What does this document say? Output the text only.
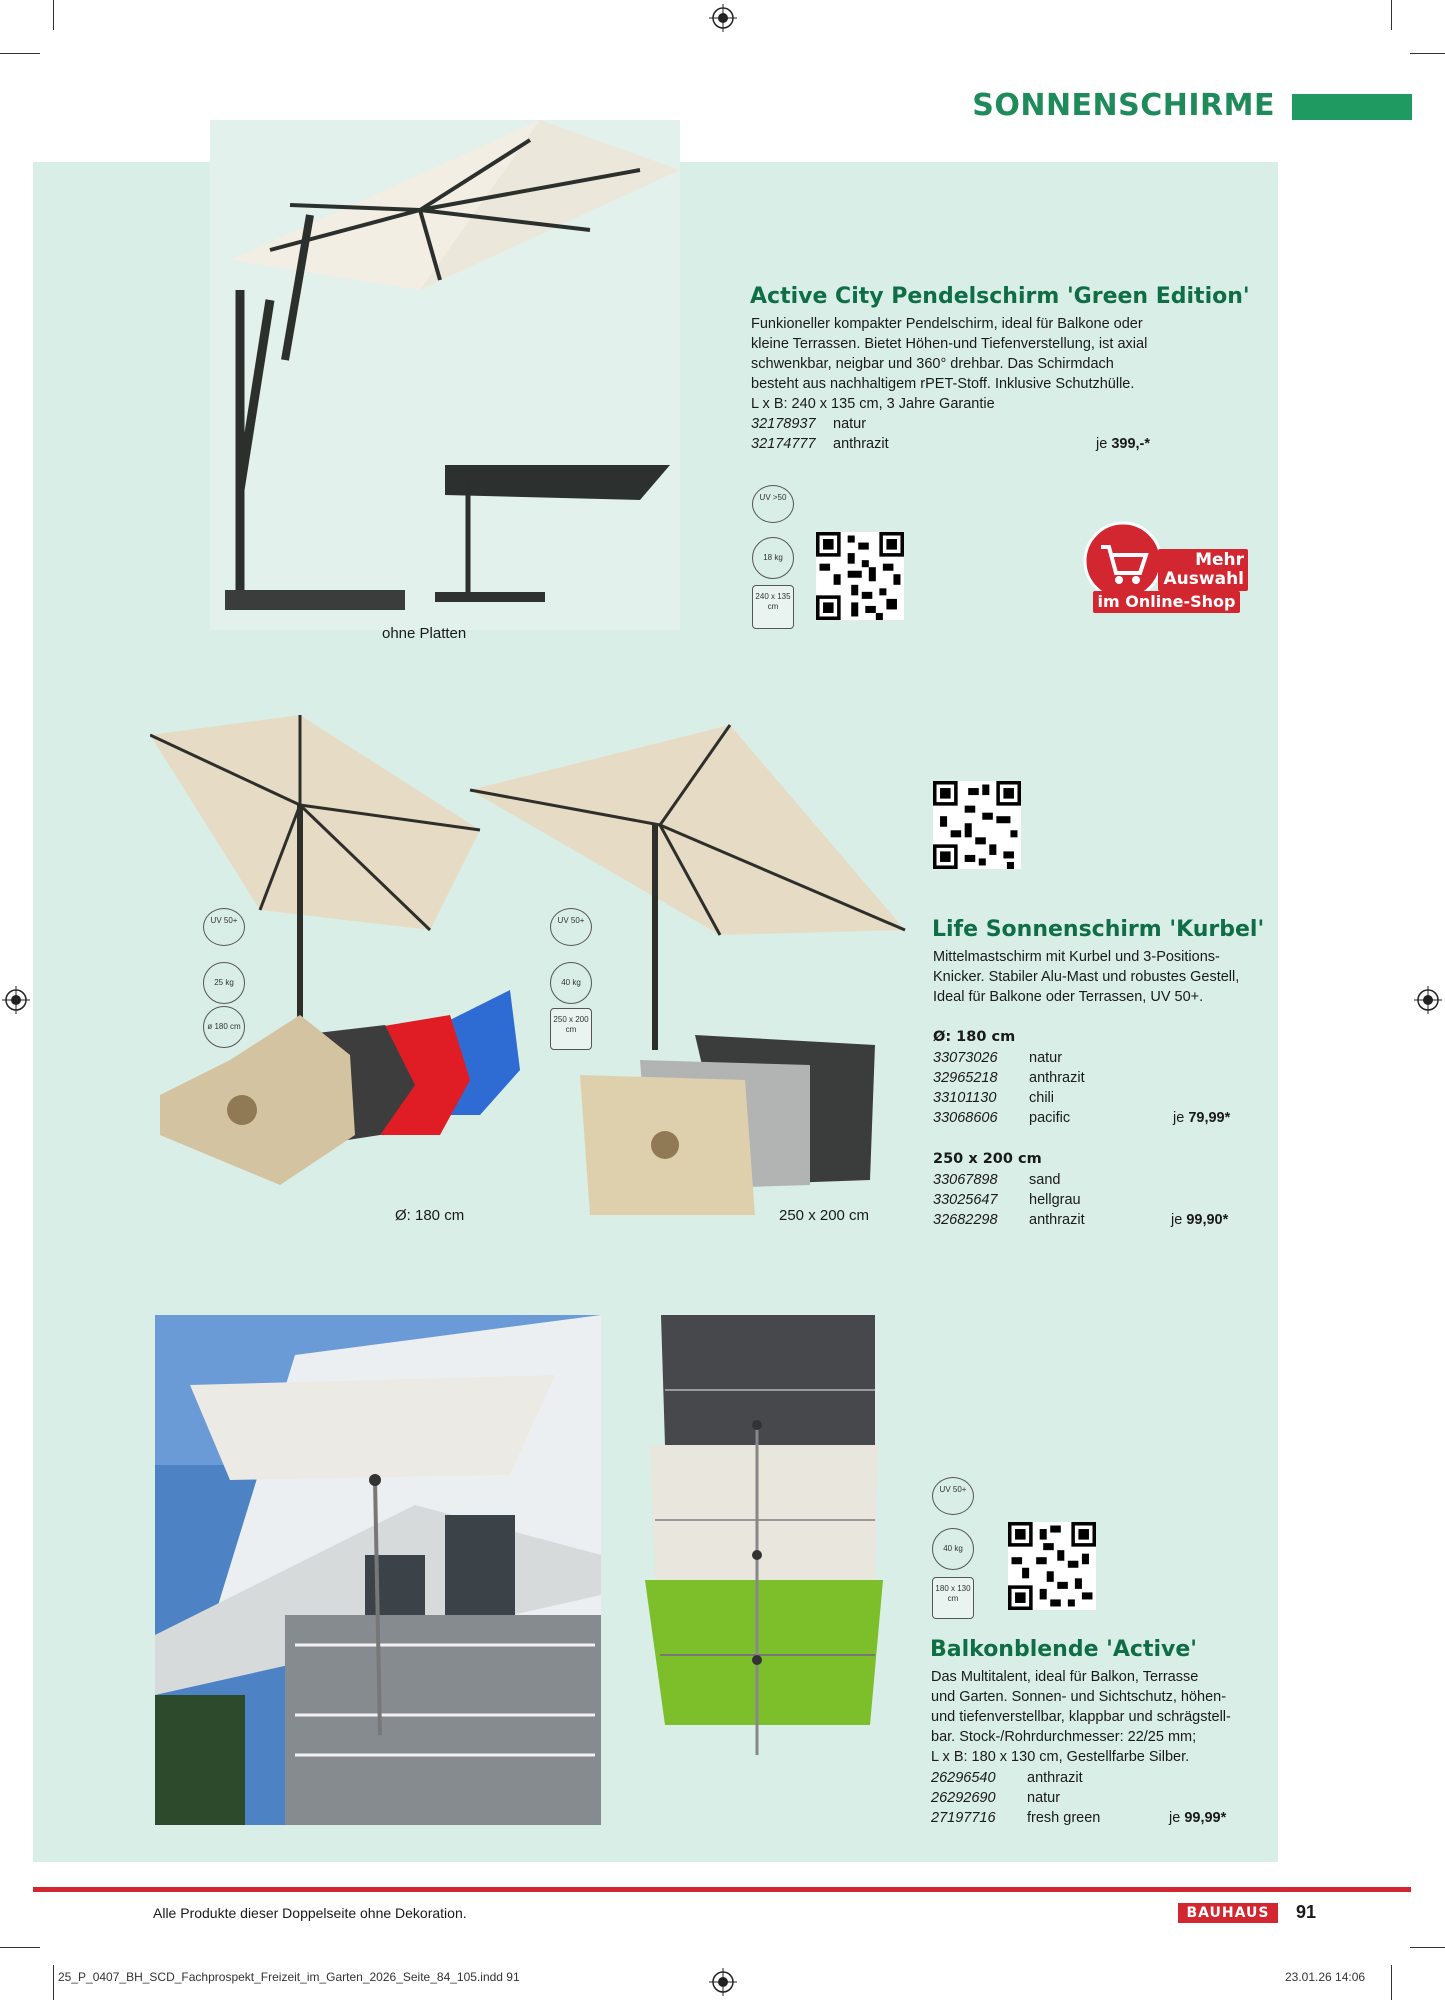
SONNENSCHIRME
ohne Platten
Active City Pendelschirm 'Green Edition'

Funkioneller kompakter Pendelschirm, ideal für Balkone oder

kleine Terrassen. Bietet Höhen-und Tiefenverstellung, ist axial

schwenkbar, neigbar und 360° drehbar. Das Schirmdach

besteht aus nachhaltigem rPET-Stoff. Inklusive Schutzhülle.

L x B: 240 x 135 cm, 3 Jahre Garantie

32178937 natur
32174777 anthrazit	je 399,-*
UV >50
18 kg
240 x 135 cm
Mehr
Auswahl
im Online-Shop
Ø: 180 cm	250 x 200 cm
UV 50+
25 kg
ø 180 cm
UV 50+
40 kg
250 x 200 cm
Life Sonnenschirm 'Kurbel'

Mittelmastschirm mit Kurbel und 3-Positions-

Knicker. Stabiler Alu-Mast und robustes Gestell,

Ideal für Balkone oder Terrassen, UV 50+.

Ø: 180 cm
33073026 natur
32965218 anthrazit
33101130 chili
33068606 pacific	je 79,99*
250 x 200 cm
33067898 sand
33025647 hellgrau
32682298 anthrazit	je 99,90*
UV 50+
40 kg
180 x 130 cm
Balkonblende 'Active'

Das Multitalent, ideal für Balkon, Terrasse

und Garten. Sonnen- und Sichtschutz, höhen-

und tiefenverstellbar, klappbar und schrägstell-

bar. Stock-/Rohrdurchmesser: 22/25 mm;

L x B: 180 x 130 cm, Gestellfarbe Silber.

26296540 anthrazit
26292690 natur
27197716 fresh green	je 99,99*
Alle Produkte dieser Doppelseite ohne Dekoration.	BAUHAUS	91
25_P_0407_BH_SCD_Fachprospekt_Freizeit_im_Garten_2026_Seite_84_105.indd 91	23.01.26 14:06
